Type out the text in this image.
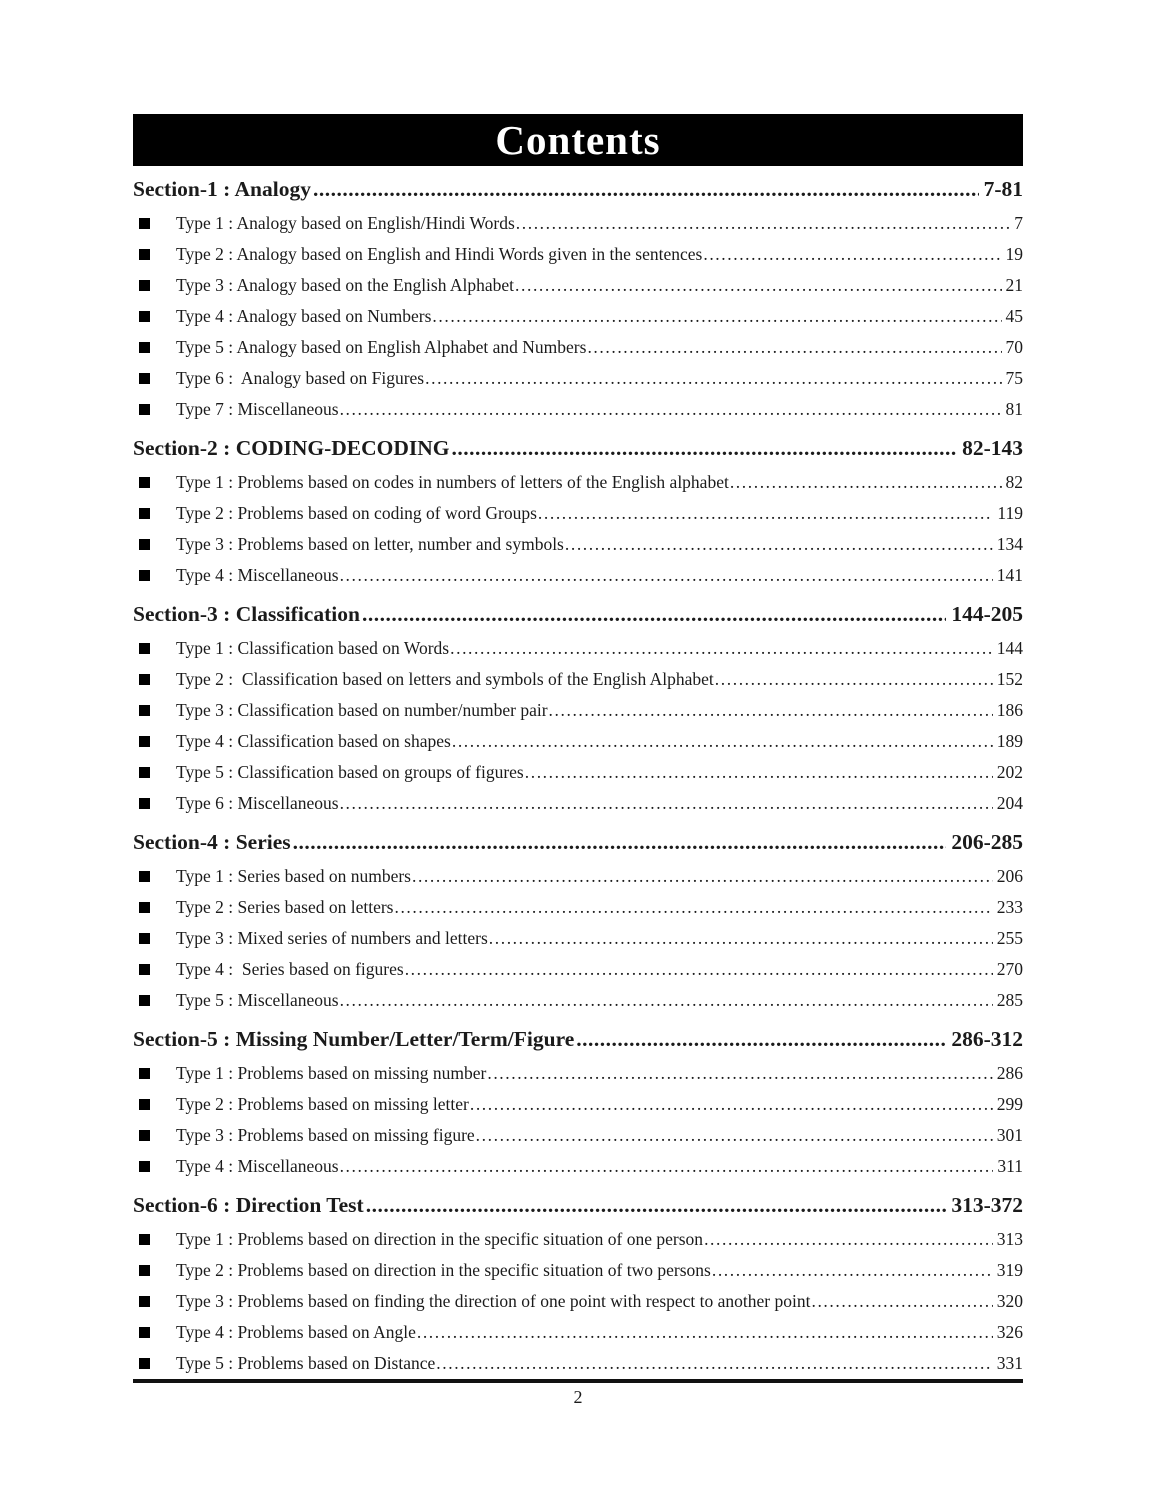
Contents
Section-1 : Analogy .....	7-81
Type 1 : Analogy based on English/Hindi Words .....	7
Type 2 : Analogy based on English and Hindi Words given in the sentences .....	19
Type 3 : Analogy based on the English Alphabet .....	21
Type 4 : Analogy based on Numbers .....	45
Type 5 : Analogy based on English Alphabet and Numbers .....	70
Type 6 :  Analogy based on Figures .....	75
Type 7 : Miscellaneous .....	81
Section-2 : CODING-DECODING .....	82-143
Type 1 : Problems based on codes in numbers of letters of the English alphabet .....	82
Type 2 : Problems based on coding of word Groups .....	119
Type 3 : Problems based on letter, number and symbols .....	134
Type 4 : Miscellaneous .....	141
Section-3 : Classification .....	144-205
Type 1 : Classification based on Words .....	144
Type 2 :  Classification based on letters and symbols of the English Alphabet .....	152
Type 3 : Classification based on number/number pair .....	186
Type 4 : Classification based on shapes .....	189
Type 5 : Classification based on groups of figures .....	202
Type 6 : Miscellaneous .....	204
Section-4 : Series .....	206-285
Type 1 : Series based on numbers .....	206
Type 2 : Series based on letters .....	233
Type 3 : Mixed series of numbers and letters .....	255
Type 4 :  Series based on figures .....	270
Type 5 : Miscellaneous .....	285
Section-5 : Missing Number/Letter/Term/Figure .....	286-312
Type 1 : Problems based on missing number .....	286
Type 2 : Problems based on missing letter .....	299
Type 3 : Problems based on missing figure .....	301
Type 4 : Miscellaneous .....	311
Section-6 : Direction Test .....	313-372
Type 1 : Problems based on direction in the specific situation of one person .....	313
Type 2 : Problems based on direction in the specific situation of two persons .....	319
Type 3 : Problems based on finding the direction of one point with respect to another point .....	320
Type 4 : Problems based on Angle .....	326
Type 5 : Problems based on Distance .....	331
2
